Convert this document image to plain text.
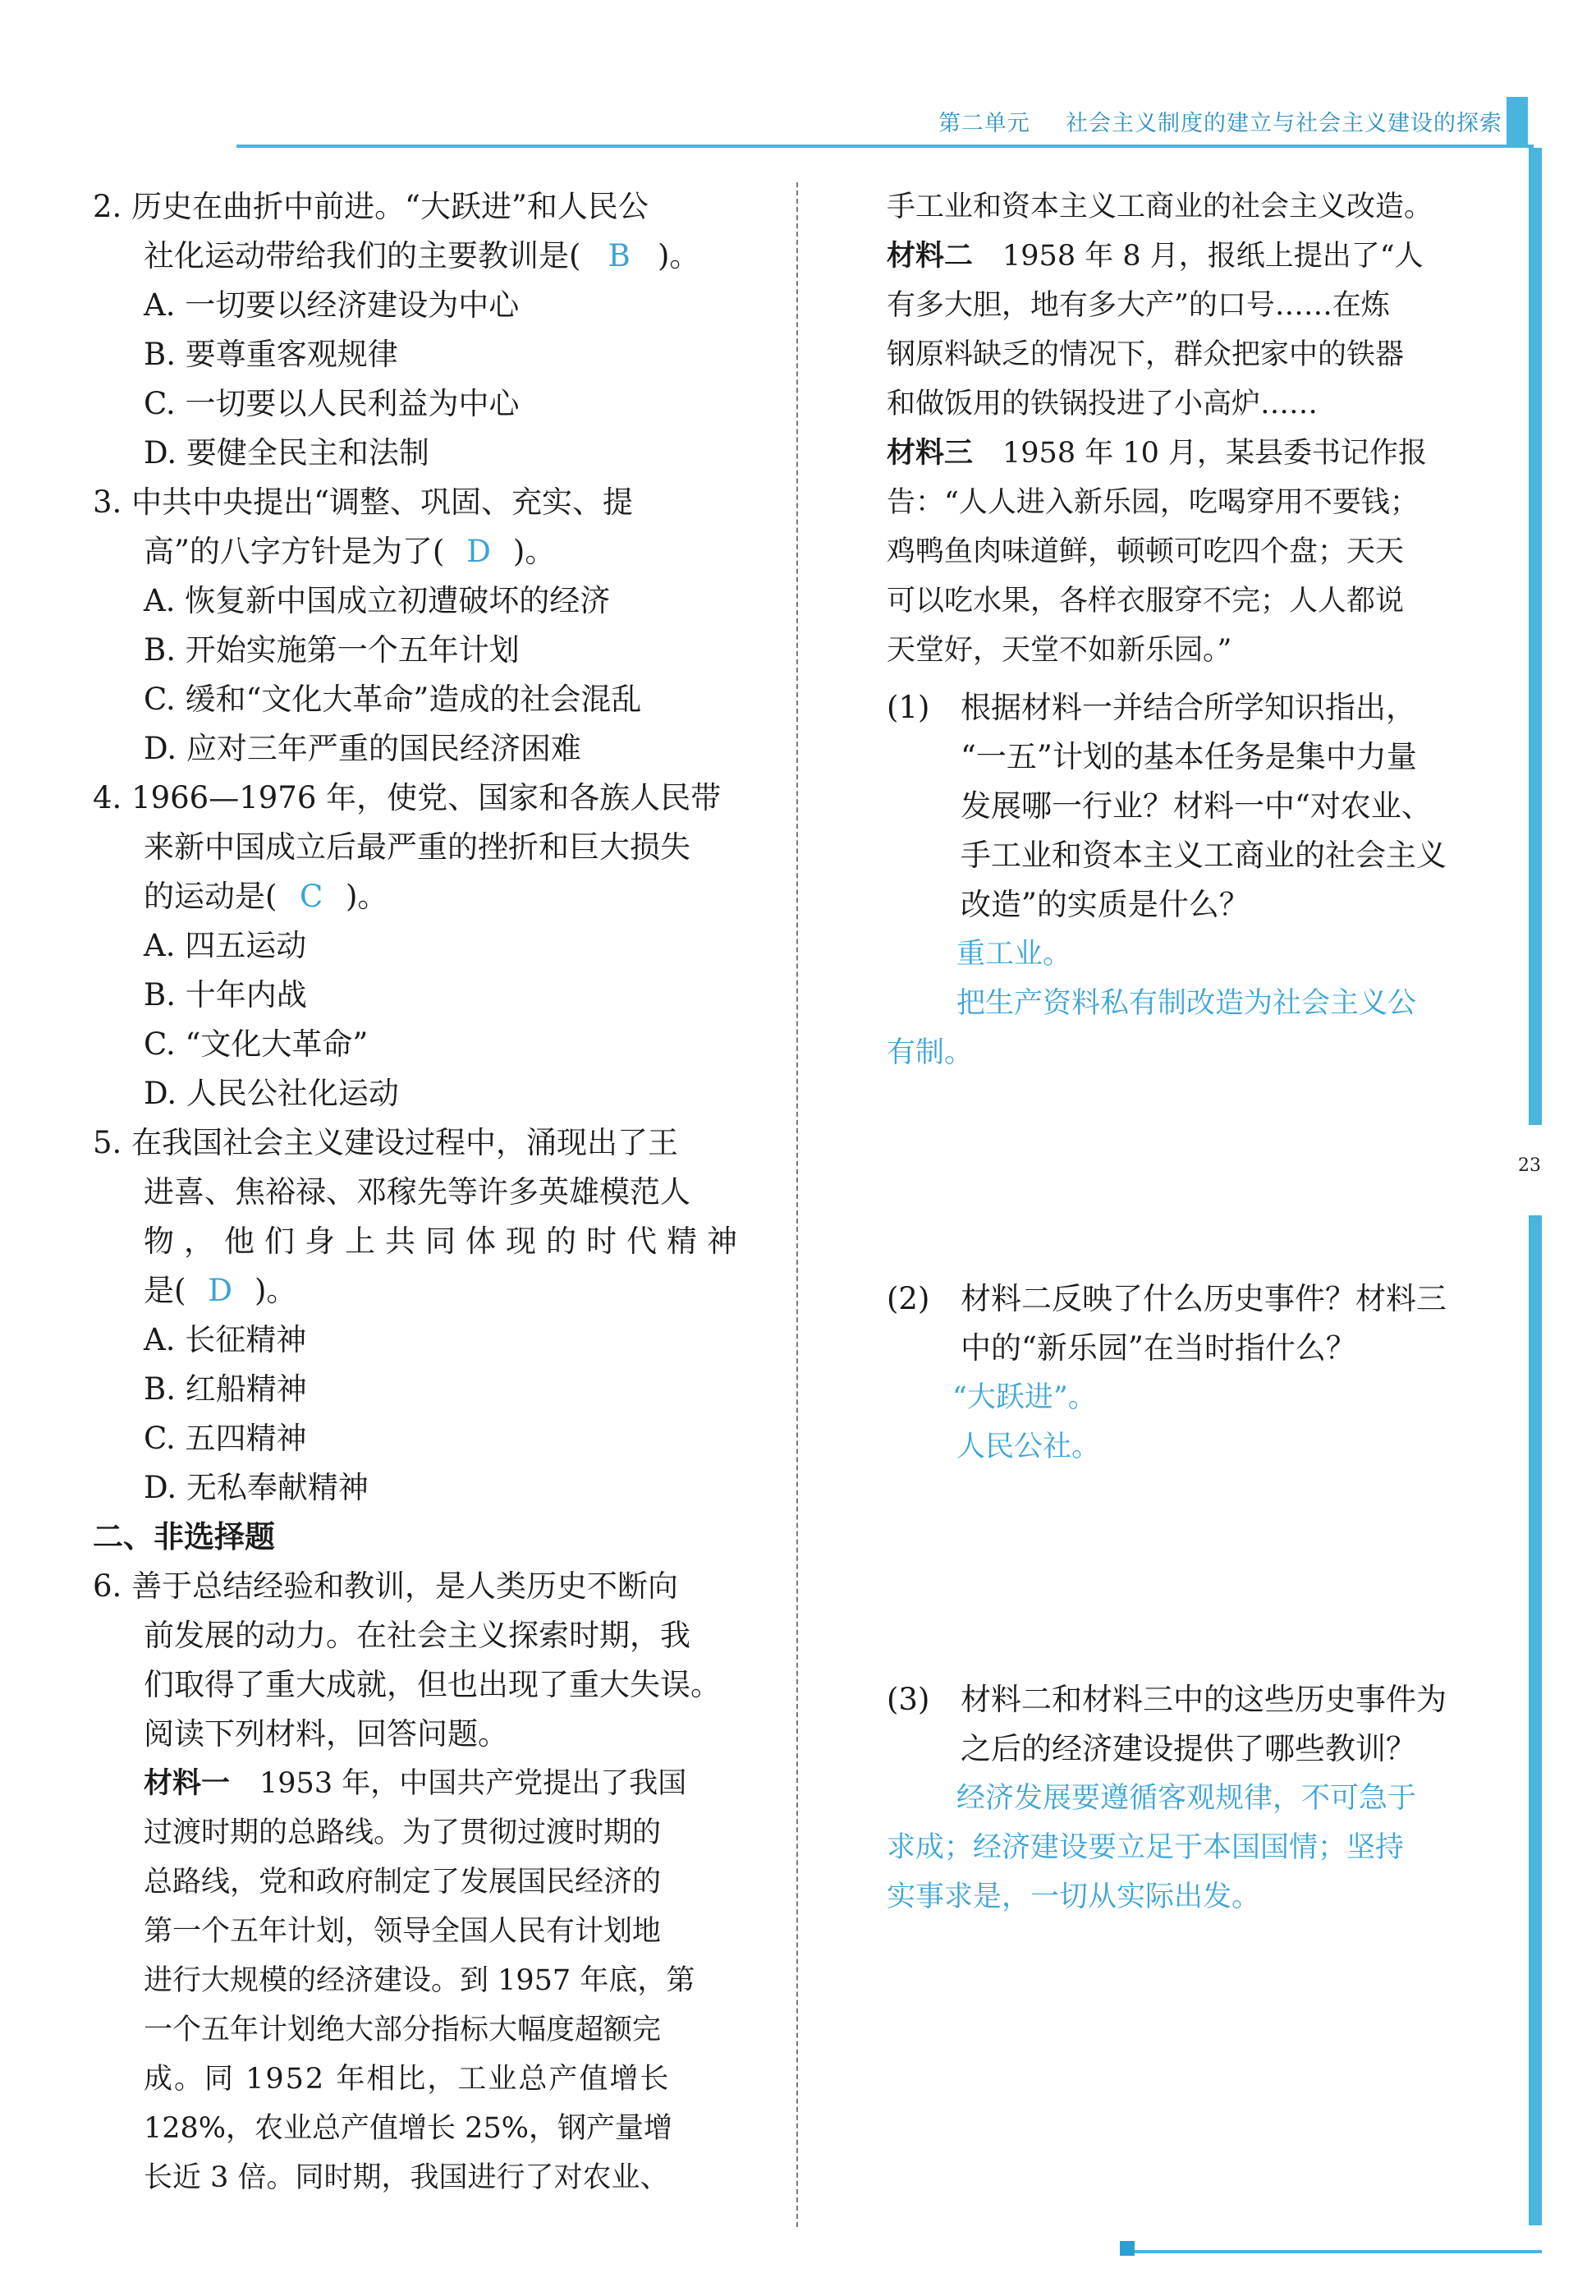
第二单元 社会主义制度的建立与社会主义建设的探索
23
2. 历史在曲折中前进。“大跃进”和人民公
社化运动带给我们的主要教训是( B )。
A. 一切要以经济建设为中心
B. 要尊重客观规律
C. 一切要以人民利益为中心
D. 要健全民主和法制
3. 中共中央提出“调整、巩固、充实、提
高”的八字方针是为了( D )。
A. 恢复新中国成立初遭破坏的经济
B. 开始实施第一个五年计划
C. 缓和“文化大革命”造成的社会混乱
D. 应对三年严重的国民经济困难
4. 1966—1976 年，使党、国家和各族人民带
来新中国成立后最严重的挫折和巨大损失
的运动是( C )。
A. 四五运动
B. 十年内战
C. “文化大革命”
D. 人民公社化运动
5. 在我国社会主义建设过程中，涌现出了王
进喜、焦裕禄、邓稼先等许多英雄模范人
物，他们身上共同体现的时代精神
是( D )。
A. 长征精神
B. 红船精神
C. 五四精神
D. 无私奉献精神
二、非选择题
6. 善于总结经验和教训，是人类历史不断向
前发展的动力。在社会主义探索时期，我
们取得了重大成就，但也出现了重大失误。
阅读下列材料，回答问题。
材料一 1953 年，中国共产党提出了我国
过渡时期的总路线。为了贯彻过渡时期的
总路线，党和政府制定了发展国民经济的
第一个五年计划，领导全国人民有计划地
进行大规模的经济建设。到 1957 年底，第
一个五年计划绝大部分指标大幅度超额完
成。同 1952 年相比，工业总产值增长
128%，农业总产值增长 25%，钢产量增
长近 3 倍。同时期，我国进行了对农业、
手工业和资本主义工商业的社会主义改造。
材料二 1958 年 8 月，报纸上提出了“人
有多大胆，地有多大产”的口号……在炼
钢原料缺乏的情况下，群众把家中的铁器
和做饭用的铁锅投进了小高炉……
材料三 1958 年 10 月，某县委书记作报
告：“人人进入新乐园，吃喝穿用不要钱；
鸡鸭鱼肉味道鲜，顿顿可吃四个盘；天天
可以吃水果，各样衣服穿不完；人人都说
天堂好，天堂不如新乐园。”
(1) 根据材料一并结合所学知识指出，
“一五”计划的基本任务是集中力量
发展哪一行业？材料一中“对农业、
手工业和资本主义工商业的社会主义
改造”的实质是什么？
重工业。
把生产资料私有制改造为社会主义公
有制。
(2) 材料二反映了什么历史事件？材料三
中的“新乐园”在当时指什么？
“大跃进”。
人民公社。
(3) 材料二和材料三中的这些历史事件为
之后的经济建设提供了哪些教训？
经济发展要遵循客观规律，不可急于
求成；经济建设要立足于本国国情；坚持
实事求是，一切从实际出发。
